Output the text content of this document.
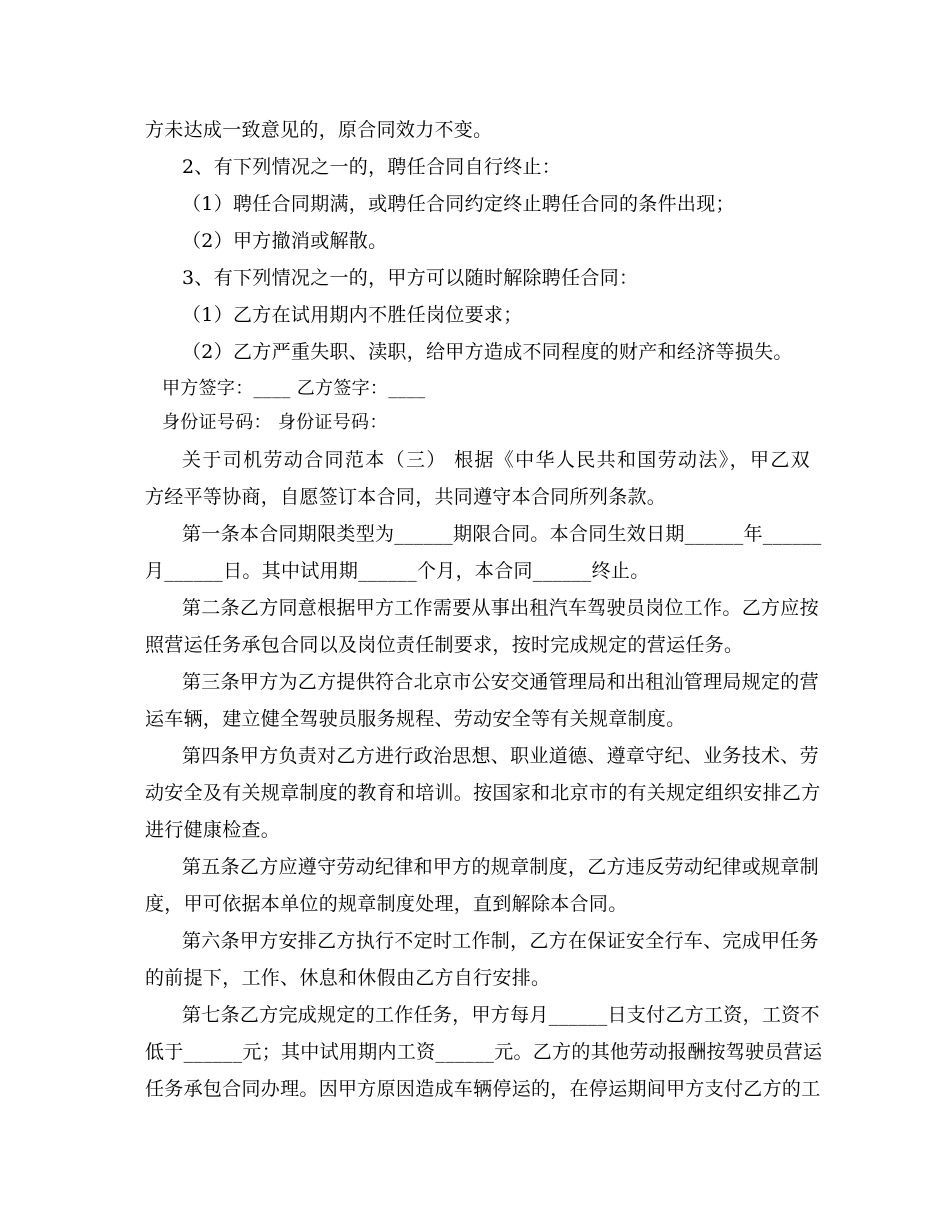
方未达成一致意见的，原合同效力不变。
2、有下列情况之一的，聘任合同自行终止：
（1）聘任合同期满，或聘任合同约定终止聘任合同的条件出现；
（2）甲方撤消或解散。
3、有下列情况之一的，甲方可以随时解除聘任合同：
（1）乙方在试用期内不胜任岗位要求；
（2）乙方严重失职、渎职，给甲方造成不同程度的财产和经济等损失。
甲方签字：____ 乙方签字：____
身份证号码： 身份证号码：
关于司机劳动合同范本（三） 根据《中华人民共和国劳动法》，甲乙双
方经平等协商，自愿签订本合同，共同遵守本合同所列条款。
第一条本合同期限类型为______期限合同。本合同生效日期______年______
月______日。其中试用期______个月，本合同______终止。
第二条乙方同意根据甲方工作需要从事出租汽车驾驶员岗位工作。乙方应按
照营运任务承包合同以及岗位责任制要求，按时完成规定的营运任务。
第三条甲方为乙方提供符合北京市公安交通管理局和出租汕管理局规定的营
运车辆，建立健全驾驶员服务规程、劳动安全等有关规章制度。
第四条甲方负责对乙方进行政治思想、职业道德、遵章守纪、业务技术、劳
动安全及有关规章制度的教育和培训。按国家和北京市的有关规定组织安排乙方
进行健康检查。
第五条乙方应遵守劳动纪律和甲方的规章制度，乙方违反劳动纪律或规章制
度，甲可依据本单位的规章制度处理，直到解除本合同。
第六条甲方安排乙方执行不定时工作制，乙方在保证安全行车、完成甲任务
的前提下，工作、休息和休假由乙方自行安排。
第七条乙方完成规定的工作任务，甲方每月______日支付乙方工资，工资不
低于______元；其中试用期内工资______元。乙方的其他劳动报酬按驾驶员营运
任务承包合同办理。因甲方原因造成车辆停运的，在停运期间甲方支付乙方的工
